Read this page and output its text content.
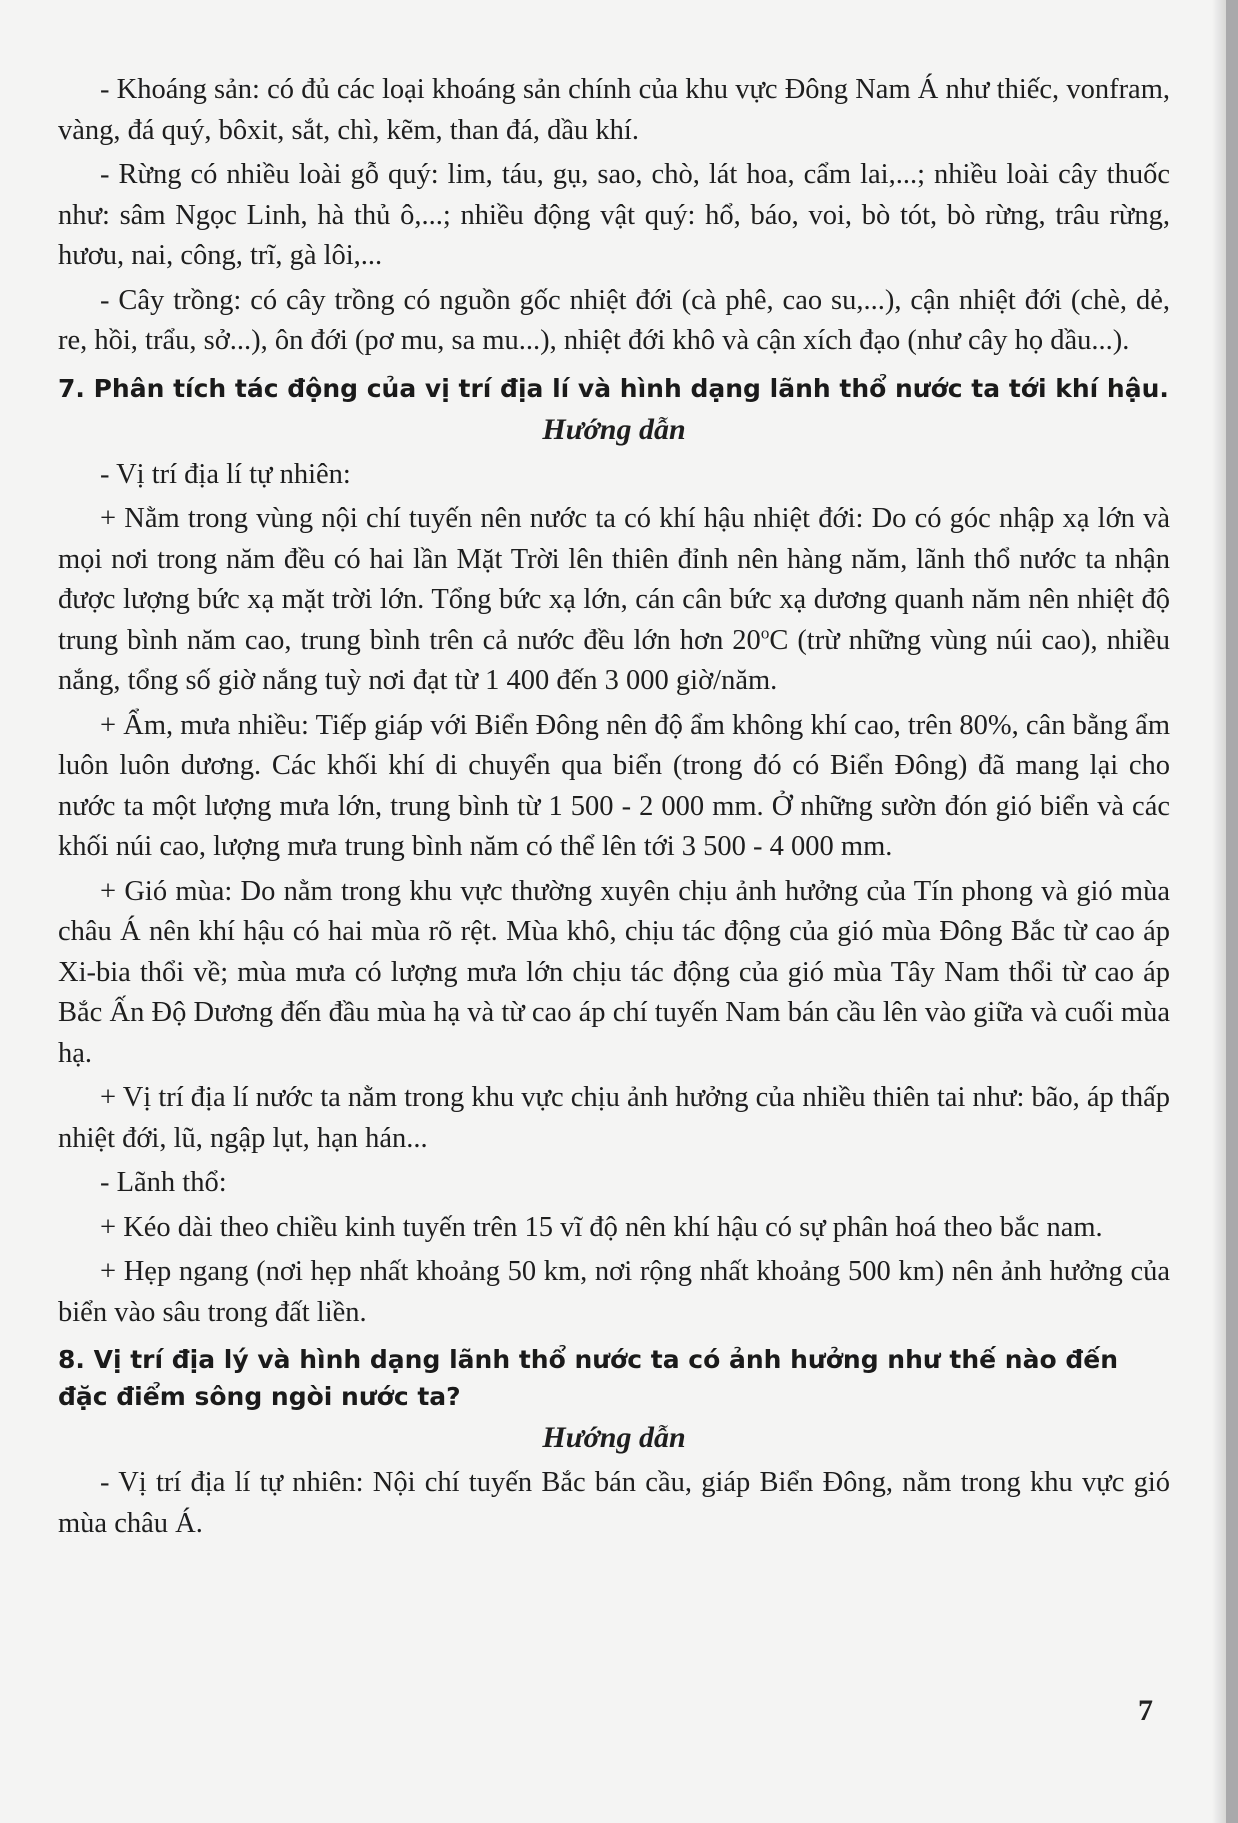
- Khoáng sản: có đủ các loại khoáng sản chính của khu vực Đông Nam Á như thiếc, vonfram, vàng, đá quý, bôxit, sắt, chì, kẽm, than đá, dầu khí.

- Rừng có nhiều loài gỗ quý: lim, táu, gụ, sao, chò, lát hoa, cẩm lai,...; nhiều loài cây thuốc như: sâm Ngọc Linh, hà thủ ô,...; nhiều động vật quý: hổ, báo, voi, bò tót, bò rừng, trâu rừng, hươu, nai, công, trĩ, gà lôi,...

- Cây trồng: có cây trồng có nguồn gốc nhiệt đới (cà phê, cao su,...), cận nhiệt đới (chè, dẻ, re, hồi, trẩu, sở...), ôn đới (pơ mu, sa mu...), nhiệt đới khô và cận xích đạo (như cây họ dầu...).

7. Phân tích tác động của vị trí địa lí và hình dạng lãnh thổ nước ta tới khí hậu.
Hướng dẫn

- Vị trí địa lí tự nhiên:

+ Nằm trong vùng nội chí tuyến nên nước ta có khí hậu nhiệt đới: Do có góc nhập xạ lớn và mọi nơi trong năm đều có hai lần Mặt Trời lên thiên đỉnh nên hàng năm, lãnh thổ nước ta nhận được lượng bức xạ mặt trời lớn. Tổng bức xạ lớn, cán cân bức xạ dương quanh năm nên nhiệt độ trung bình năm cao, trung bình trên cả nước đều lớn hơn 20$^o$C (trừ những vùng núi cao), nhiều nắng, tổng số giờ nắng tuỳ nơi đạt từ 1 400 đến 3 000 giờ/năm.

+ Ẩm, mưa nhiều: Tiếp giáp với Biển Đông nên độ ẩm không khí cao, trên 80%, cân bằng ẩm luôn luôn dương. Các khối khí di chuyển qua biển (trong đó có Biển Đông) đã mang lại cho nước ta một lượng mưa lớn, trung bình từ 1 500 - 2 000 mm. Ở những sườn đón gió biển và các khối núi cao, lượng mưa trung bình năm có thể lên tới 3 500 - 4 000 mm.

+ Gió mùa: Do nằm trong khu vực thường xuyên chịu ảnh hưởng của Tín phong và gió mùa châu Á nên khí hậu có hai mùa rõ rệt. Mùa khô, chịu tác động của gió mùa Đông Bắc từ cao áp Xi-bia thổi về; mùa mưa có lượng mưa lớn chịu tác động của gió mùa Tây Nam thổi từ cao áp Bắc Ấn Độ Dương đến đầu mùa hạ và từ cao áp chí tuyến Nam bán cầu lên vào giữa và cuối mùa hạ.

+ Vị trí địa lí nước ta nằm trong khu vực chịu ảnh hưởng của nhiều thiên tai như: bão, áp thấp nhiệt đới, lũ, ngập lụt, hạn hán...

- Lãnh thổ:

+ Kéo dài theo chiều kinh tuyến trên 15 vĩ độ nên khí hậu có sự phân hoá theo bắc nam.

+ Hẹp ngang (nơi hẹp nhất khoảng 50 km, nơi rộng nhất khoảng 500 km) nên ảnh hưởng của biển vào sâu trong đất liền.

8. Vị trí địa lý và hình dạng lãnh thổ nước ta có ảnh hưởng như thế nào đến đặc điểm sông ngòi nước ta?
Hướng dẫn

- Vị trí địa lí tự nhiên: Nội chí tuyến Bắc bán cầu, giáp Biển Đông, nằm trong khu vực gió mùa châu Á.

7
